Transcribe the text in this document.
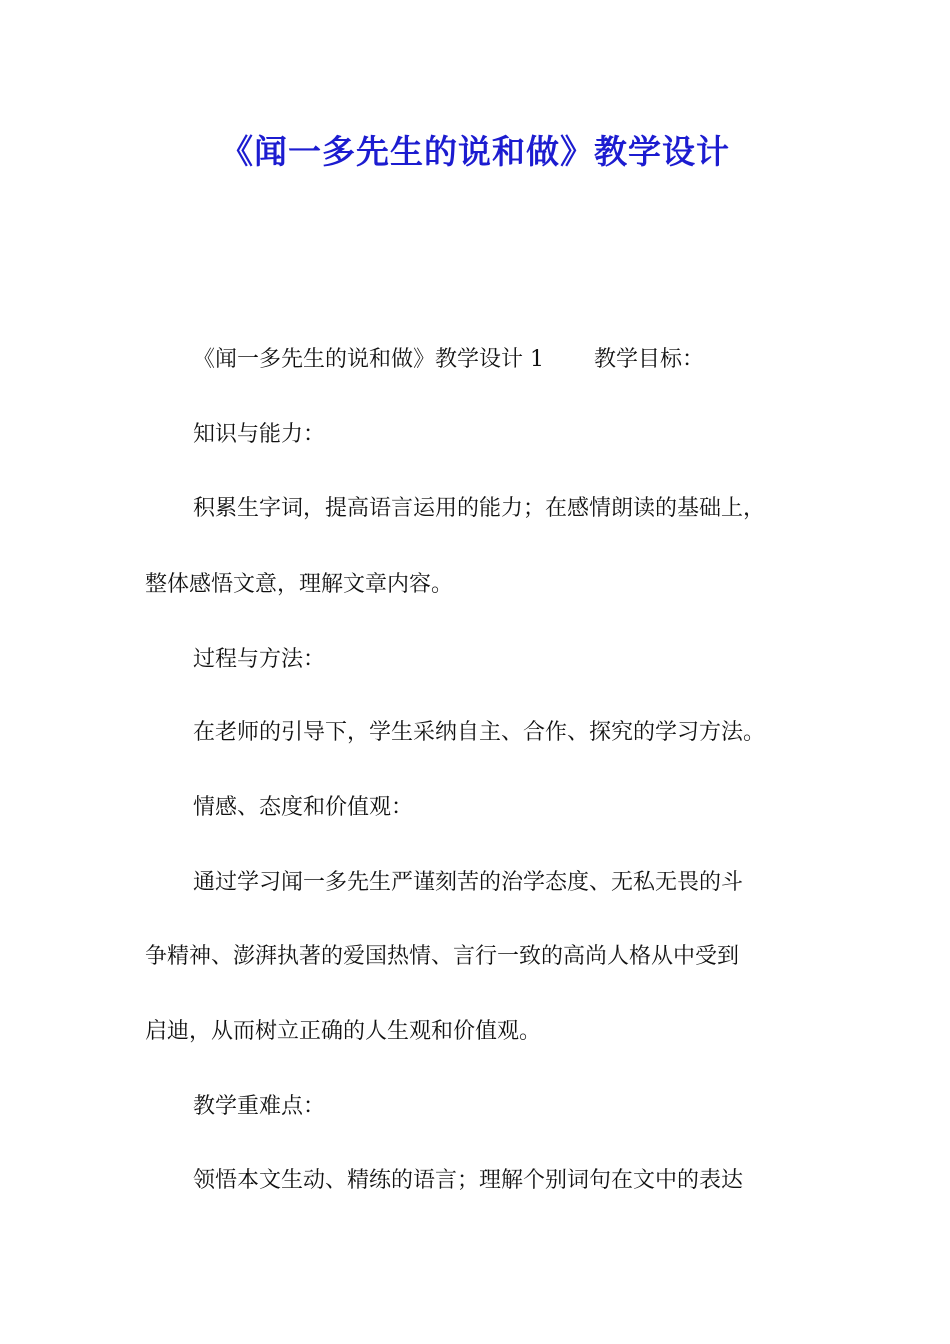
《闻一多先生的说和做》教学设计

《闻一多先生的说和做》教学设计 1 教学目标：

知识与能力：

积累生字词，提高语言运用的能力；在感情朗读的基础上，

整体感悟文意，理解文章内容。

过程与方法：

在老师的引导下，学生采纳自主、合作、探究的学习方法。

情感、态度和价值观：

通过学习闻一多先生严谨刻苦的治学态度、无私无畏的斗

争精神、澎湃执著的爱国热情、言行一致的高尚人格从中受到

启迪，从而树立正确的人生观和价值观。

教学重难点：

领悟本文生动、精练的语言；理解个别词句在文中的表达
